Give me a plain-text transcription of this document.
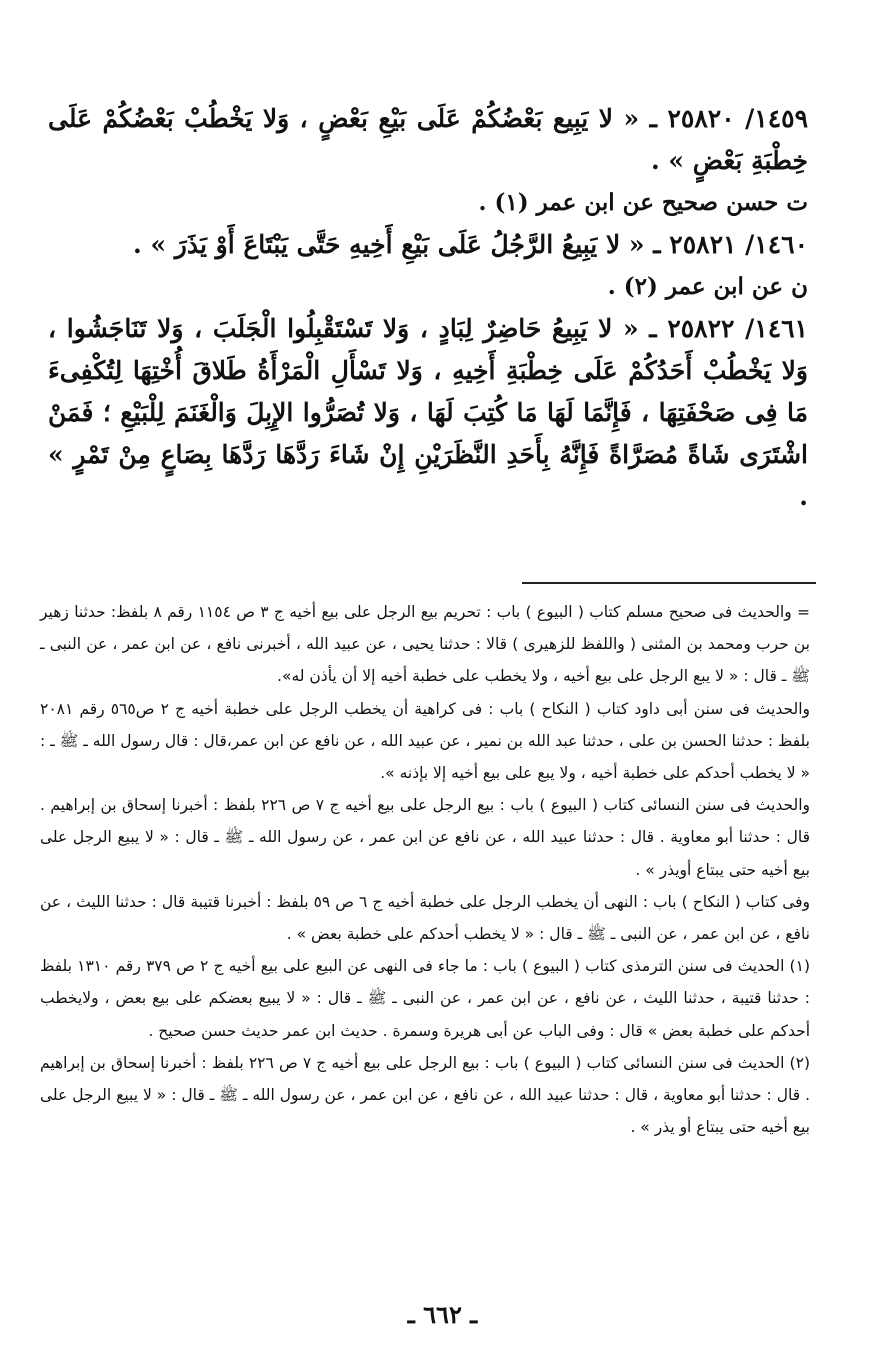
١٤٥٩/ ٢٥٨٢٠ ـ « لا يَبِيع بَعْضُكُمْ عَلَى بَيْعِ بَعْضٍ ، وَلا يَخْطُبْ بَعْضُكُمْ عَلَى خِطْبَةِ بَعْضٍ » .

ت حسن صحيح عن ابن عمر (١) .

١٤٦٠/ ٢٥٨٢١ ـ « لا يَبِيعُ الرَّجُلُ عَلَى بَيْعِ أَخِيهِ حَتَّى يَبْتَاعَ أَوْ يَذَرَ » .

ن عن ابن عمر (٢) .

١٤٦١/ ٢٥٨٢٢ ـ « لا يَبِيعُ حَاضِرٌ لِبَادٍ ، وَلا تَسْتَقْبِلُوا الْجَلَبَ ، وَلا تَنَاجَشُوا ، وَلا يَخْطُبْ أَحَدُكُمْ عَلَى خِطْبَةِ أَخِيهِ ، وَلا تَسْأَلِ الْمَرْأَةُ طَلاقَ أُخْتِهَا لِتُكْفِىءَ مَا فِى صَحْفَتِهَا ، فَإِنَّمَا لَهَا مَا كُتِبَ لَهَا ، وَلا تُصَرُّوا الإِبِلَ وَالْغَنَمَ لِلْبَيْعِ ؛ فَمَنْ اشْتَرَى شَاةً مُصَرَّاةً فَإِنَّهُ بِأَحَدِ النَّظَرَيْنِ إِنْ شَاءَ رَدَّهَا رَدَّهَا بِصَاعٍ مِنْ تَمْرٍ » .

= والحديث فى صحيح مسلم كتاب ( البيوع ) باب : تحريم بيع الرجل على بيع أخيه ج ٣ ص ١١٥٤ رقم ٨ بلفظ: حدثنا زهير بن حرب ومحمد بن المثنى ( واللفظ للزهيرى ) قالا : حدثنا يحيى ، عن عبيد الله ، أخبرنى نافع ، عن ابن عمر ، عن النبى ـ ﷺ ـ قال : « لا يبع الرجل على بيع أخيه ، ولا يخطب على خطبة أخيه إلا أن يأذن له».

والحديث فى سنن أبى داود كتاب ( النكاح ) باب : فى كراهية أن يخطب الرجل على خطبة أخيه ج ٢ ص٥٦٥ رقم ٢٠٨١ بلفظ : حدثنا الحسن بن على ، حدثنا عبد الله بن نمير ، عن عبيد الله ، عن نافع عن ابن عمر،قال : قال رسول الله ـ ﷺ ـ : « لا يخطب أحدكم على خطبة أخيه ، ولا يبع على بيع أخيه إلا بإذنه ».

والحديث فى سنن النسائى كتاب ( البيوع ) باب : بيع الرجل على بيع أخيه ج ٧ ص ٢٢٦ بلفظ : أخبرنا إسحاق بن إبراهيم . قال : حدثنا أبو معاوية . قال : حدثنا عبيد الله ، عن نافع عن ابن عمر ، عن رسول الله ـ ﷺ ـ قال : « لا يبيع الرجل على بيع أخيه حتى يبتاع أويذر » .

وفى كتاب ( النكاح ) باب : النهى أن يخطب الرجل على خطبة أخيه ج ٦ ص ٥٩ بلفظ : أخبرنا قتيبة قال : حدثنا الليث ، عن نافع ، عن ابن عمر ، عن النبى ـ ﷺ ـ قال : « لا يخطب أحدكم على خطبة بعض » .

(١) الحديث فى سنن الترمذى كتاب ( البيوع ) باب : ما جاء فى النهى عن البيع على بيع أخيه ج ٢ ص ٣٧٩ رقم ١٣١٠ بلفظ : حدثنا قتيبة ، حدثنا الليث ، عن نافع ، عن ابن عمر ، عن النبى ـ ﷺ ـ قال : « لا يبيع بعضكم على بيع بعض ، ولايخطب أحدكم على خطبة بعض » قال : وفى الباب عن أبى هريرة وسمرة . حديث ابن عمر حديث حسن صحيح .

(٢) الحديث فى سنن النسائى كتاب ( البيوع ) باب : بيع الرجل على بيع أخيه ج ٧ ص ٢٢٦ بلفظ : أخبرنا إسحاق بن إبراهيم . قال : حدثنا أبو معاوية ، قال : حدثنا عبيد الله ، عن نافع ، عن ابن عمر ، عن رسول الله ـ ﷺ ـ قال : « لا يبيع الرجل على بيع أخيه حتى يبتاع أو يذر » .

ـ ٦٦٢ ـ
